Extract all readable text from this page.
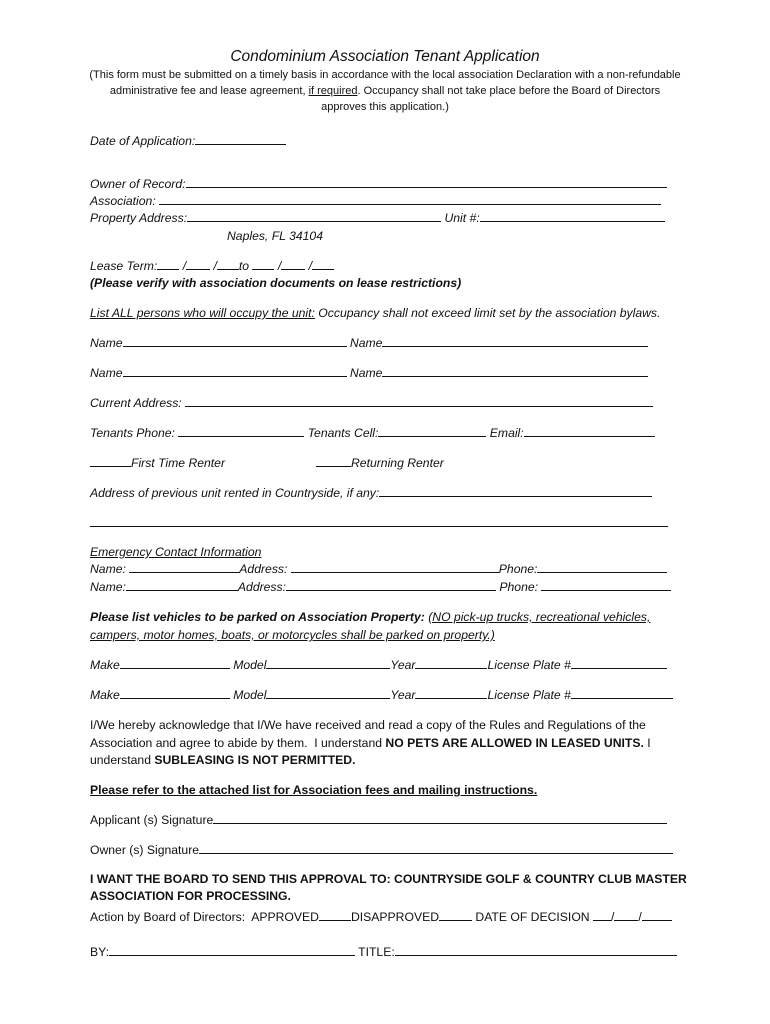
Condominium Association Tenant Application
(This form must be submitted on a timely basis in accordance with the local association Declaration with a non-refundable administrative fee and lease agreement, if required. Occupancy shall not take place before the Board of Directors approves this application.)
Date of Application:
Owner of Record:
Association:
Property Address:	Unit #:
Naples, FL 34104
Lease Term: / / to / /
(Please verify with association documents on lease restrictions)
List ALL persons who will occupy the unit: Occupancy shall not exceed limit set by the association bylaws.
Name	Name
Name	Name
Current Address:
Tenants Phone:	Tenants Cell:	Email:
First Time Renter	Returning Renter
Address of previous unit rented in Countryside, if any:
Emergency Contact Information
Name:	Address:	Phone:
Name:	Address:	Phone:
Please list vehicles to be parked on Association Property: (NO pick-up trucks, recreational vehicles,
campers, motor homes, boats, or motorcycles shall be parked on property.)
Make	Model	Year	License Plate #
Make	Model	Year	License Plate #
I/We hereby acknowledge that I/We have received and read a copy of the Rules and Regulations of the
Association and agree to abide by them.  I understand NO PETS ARE ALLOWED IN LEASED UNITS. I
understand SUBLEASING IS NOT PERMITTED.
Please refer to the attached list for Association fees and mailing instructions.
Applicant (s) Signature
Owner (s) Signature
I WANT THE BOARD TO SEND THIS APPROVAL TO: COUNTRYSIDE GOLF & COUNTRY CLUB MASTER
ASSOCIATION FOR PROCESSING.
Action by Board of Directors:  APPROVED	DISAPPROVED	DATE OF DECISION / /
BY:	TITLE:
